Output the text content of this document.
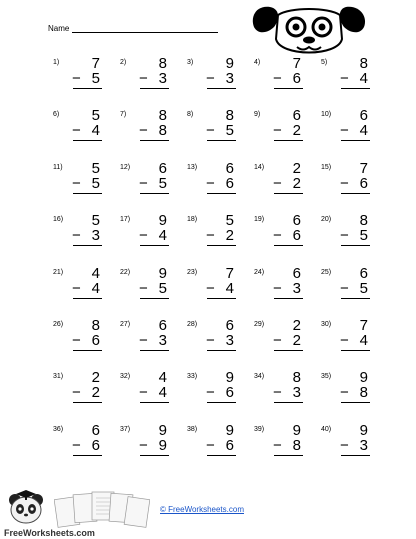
Name
1) 7
− 5
2) 8
− 3
3) 9
− 3
4) 7
− 6
5) 8
− 4
6) 5
− 4
7) 8
− 8
8) 8
− 5
9) 6
− 2
10) 6
− 4
11) 5
− 5
12) 6
− 5
13) 6
− 6
14) 2
− 2
15) 7
− 6
16) 5
− 3
17) 9
− 4
18) 5
− 2
19) 6
− 6
20) 8
− 5
21) 4
− 4
22) 9
− 5
23) 7
− 4
24) 6
− 3
25) 6
− 5
26) 8
− 6
27) 6
− 3
28) 6
− 3
29) 2
− 2
30) 7
− 4
31) 2
− 2
32) 4
− 4
33) 9
− 6
34) 8
− 3
35) 9
− 8
36) 6
− 6
37) 9
− 9
38) 9
− 6
39) 9
− 8
40) 9
− 3
FreeWorksheets.com
© FreeWorksheets.com
